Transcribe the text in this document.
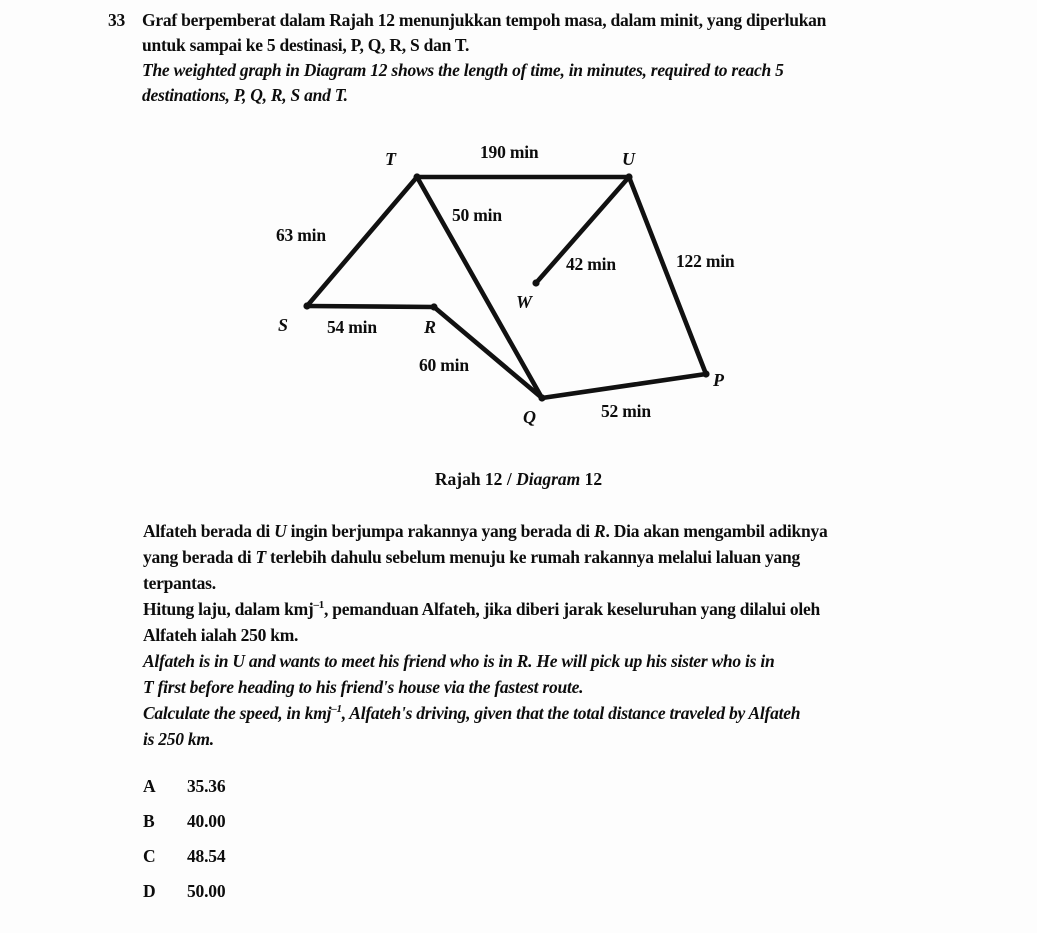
33 Graf berpemberat dalam Rajah 12 menunjukkan tempoh masa, dalam minit, yang diperlukan
untuk sampai ke 5 destinasi, P, Q, R, S dan T.
The weighted graph in Diagram 12 shows the length of time, in minutes, required to reach 5
destinations, P, Q, R, S and T.
T	U
S	R
W
Q
P
190 min
63 min
50 min
54 min
60 min
42 min	122 min
52 min
Rajah 12 / Diagram 12
Alfateh berada di U ingin berjumpa rakannya yang berada di R. Dia akan mengambil adiknya
yang berada di T terlebih dahulu sebelum menuju ke rumah rakannya melalui laluan yang
terpantas.
Hitung laju, dalam kmj$^{-1}$, pemanduan Alfateh, jika diberi jarak keseluruhan yang dilalui oleh
Alfateh ialah 250 km.
Alfateh is in U and wants to meet his friend who is in R. He will pick up his sister who is in
T first before heading to his friend's house via the fastest route.
Calculate the speed, in kmj$^{-1}$, Alfateh's driving, given that the total distance traveled by Alfateh
is 250 km.
A	35.36
B	40.00
C	48.54
D	50.00
